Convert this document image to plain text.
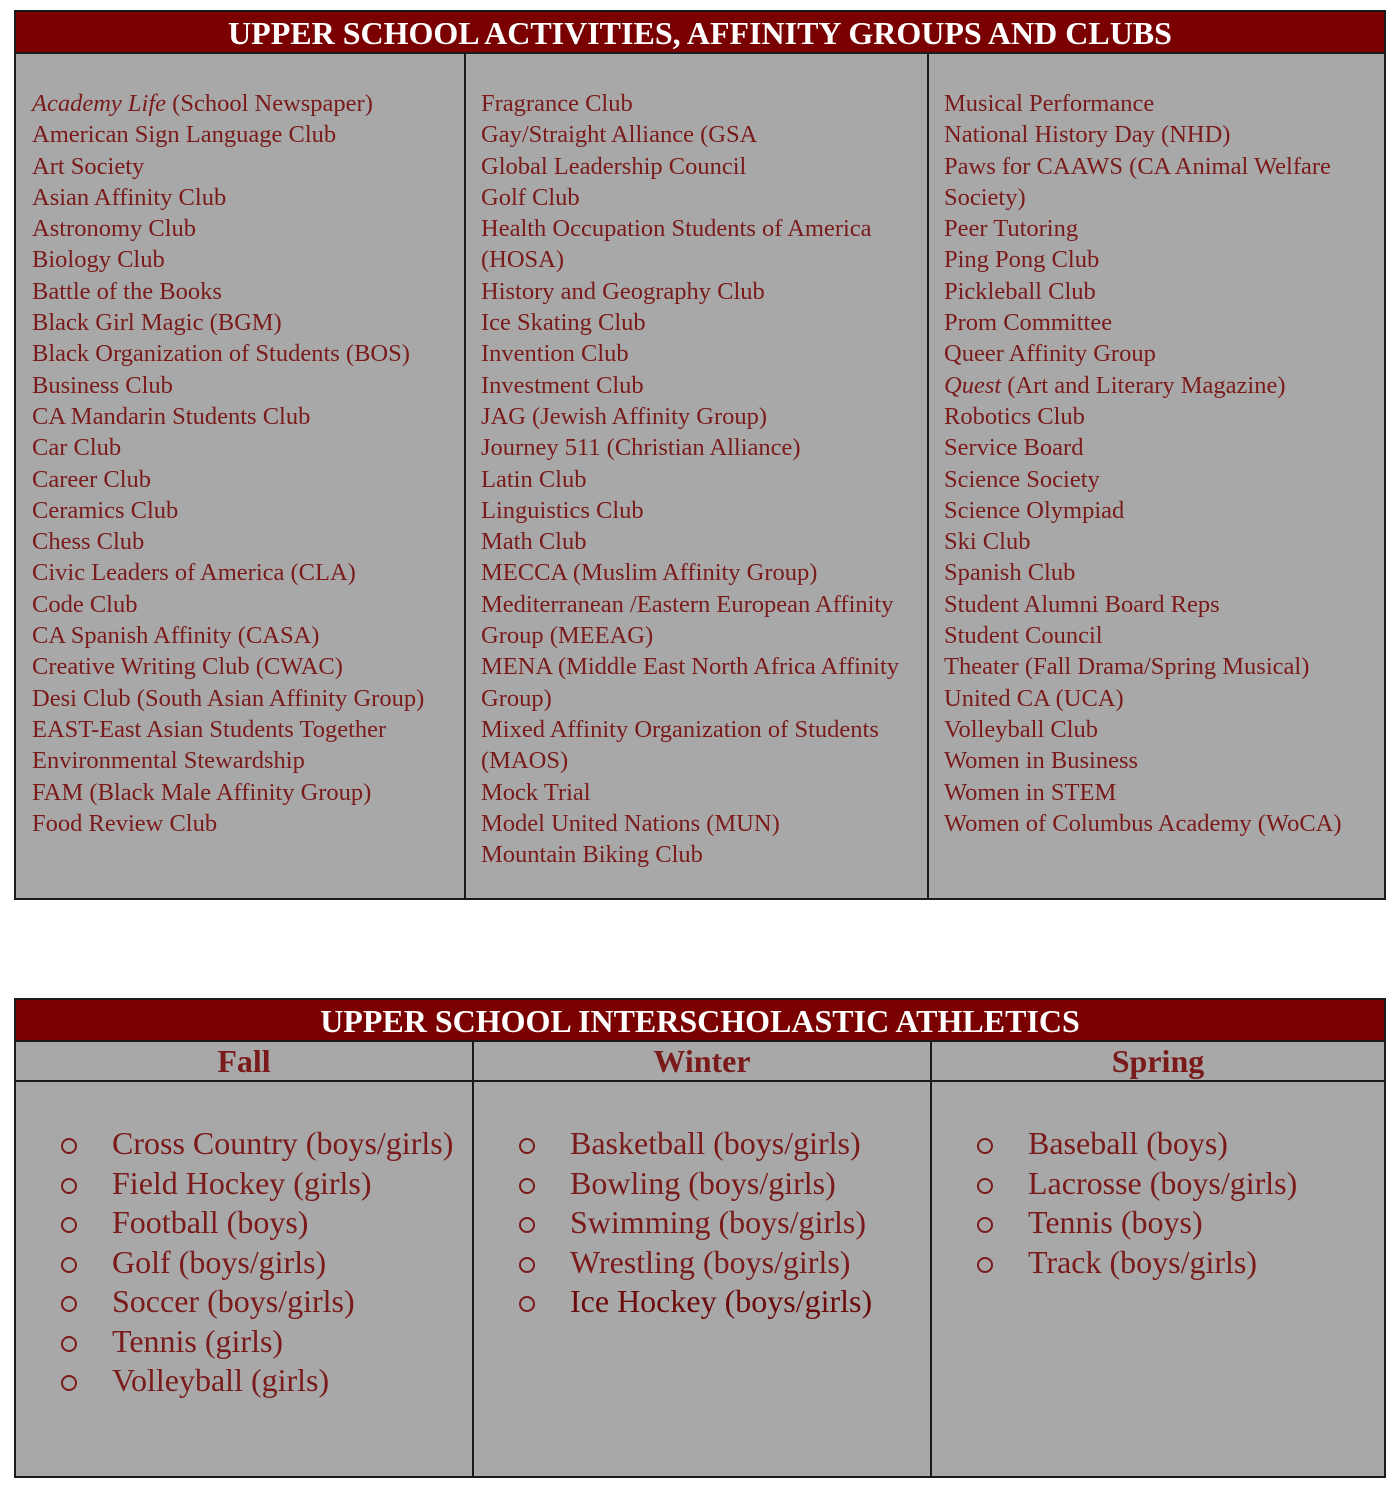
UPPER SCHOOL ACTIVITIES, AFFINITY GROUPS AND CLUBS
Academy Life (School Newspaper)
American Sign Language Club
Art Society
Asian Affinity Club
Astronomy Club
Biology Club
Battle of the Books
Black Girl Magic (BGM)
Black Organization of Students (BOS)
Business Club
CA Mandarin Students Club
Car Club
Career Club
Ceramics Club
Chess Club
Civic Leaders of America (CLA)
Code Club
CA Spanish Affinity (CASA)
Creative Writing Club (CWAC)
Desi Club (South Asian Affinity Group)
EAST-East Asian Students Together
Environmental Stewardship
FAM (Black Male Affinity Group)
Food Review Club
Fragrance Club
Gay/Straight Alliance (GSA
Global Leadership Council
Golf Club
Health Occupation Students of America (HOSA)
History and Geography Club
Ice Skating Club
Invention Club
Investment Club
JAG (Jewish Affinity Group)
Journey 511 (Christian Alliance)
Latin Club
Linguistics Club
Math Club
MECCA (Muslim Affinity Group)
Mediterranean /Eastern European Affinity Group (MEEAG)
MENA (Middle East North Africa Affinity Group)
Mixed Affinity Organization of Students (MAOS)
Mock Trial
Model United Nations (MUN)
Mountain Biking Club
Musical Performance
National History Day (NHD)
Paws for CAAWS (CA Animal Welfare Society)
Peer Tutoring
Ping Pong Club
Pickleball Club
Prom Committee
Queer Affinity Group
Quest (Art and Literary Magazine)
Robotics Club
Service Board
Science Society
Science Olympiad
Ski Club
Spanish Club
Student Alumni Board Reps
Student Council
Theater (Fall Drama/Spring Musical)
United CA (UCA)
Volleyball Club
Women in Business
Women in STEM
Women of Columbus Academy (WoCA)
UPPER SCHOOL INTERSCHOLASTIC ATHLETICS
Fall
Cross Country (boys/girls)
Field Hockey (girls)
Football (boys)
Golf (boys/girls)
Soccer (boys/girls)
Tennis (girls)
Volleyball (girls)
Winter
Basketball (boys/girls)
Bowling (boys/girls)
Swimming (boys/girls)
Wrestling (boys/girls)
Ice Hockey (boys/girls)
Spring
Baseball (boys)
Lacrosse (boys/girls)
Tennis (boys)
Track (boys/girls)
